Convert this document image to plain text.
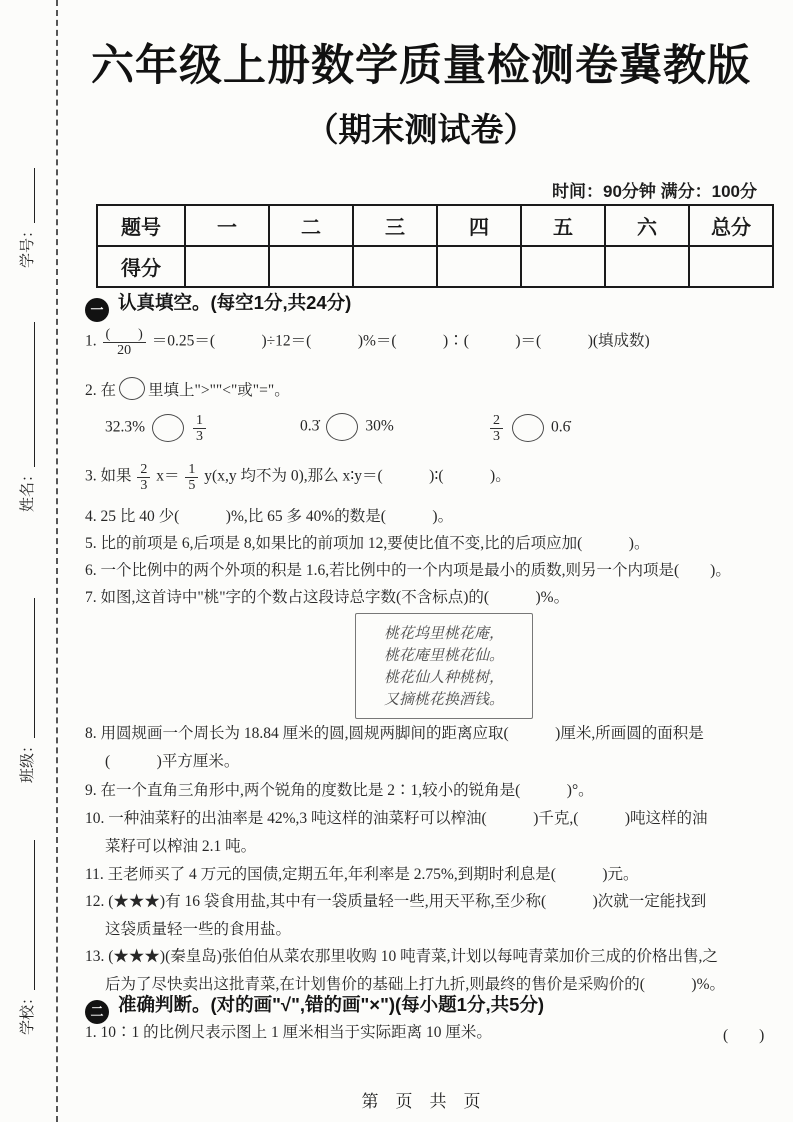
学号：
姓名：
班级：
学校：
六年级上册数学质量检测卷冀教版
（期末测试卷）
时间：90分钟 满分：100分
题号	一	二	三	四	五	六	总分
得分							
一 认真填空。(每空1分,共24分)
1. $\frac{( )}{20} =0.25=$(　　　)÷12＝(　　　)%＝(　　　)∶(　　　)＝(　　　)(填成数)
2. 在 里填上">""<"或"="。
32.3%	$\frac{1}{3}$	0.3̇	30%	$\frac{2}{3}$	0.6̇
3. 如果 $\frac{2}{3} x= \frac{1}{5} y(x,y$ 均不为 0),那么 x∶y＝(　　　)∶(　　　)。
4. 25 比 40 少(　　　)%,比 65 多 40%的数是(　　　)。
5. 比的前项是 6,后项是 8,如果比的前项加 12,要使比值不变,比的后项应加(　　　)。
6. 一个比例中的两个外项的积是 1.6,若比例中的一个内项是最小的质数,则另一个内项是(　　)。
7. 如图,这首诗中"桃"字的个数占这段诗总字数(不含标点)的(　　　)%。
桃花坞里桃花庵，
桃花庵里桃花仙。
桃花仙人种桃树，
又摘桃花换酒钱。
8. 用圆规画一个周长为 18.84 厘米的圆,圆规两脚间的距离应取(　　　)厘米,所画圆的面积是
(　　　)平方厘米。
9. 在一个直角三角形中,两个锐角的度数比是 2∶1,较小的锐角是(　　　)°。
10. 一种油菜籽的出油率是 42%,3 吨这样的油菜籽可以榨油(　　　)千克,(　　　)吨这样的油
菜籽可以榨油 2.1 吨。
11. 王老师买了 4 万元的国债,定期五年,年利率是 2.75%,到期时利息是(　　　)元。
12. (★★★)有 16 袋食用盐,其中有一袋质量轻一些,用天平称,至少称(　　　)次就一定能找到
这袋质量轻一些的食用盐。
13. (★★★)(秦皇岛)张伯伯从菜农那里收购 10 吨青菜,计划以每吨青菜加价三成的价格出售,之
后为了尽快卖出这批青菜,在计划售价的基础上打九折,则最终的售价是采购价的(　　　)%。
二 准确判断。(对的画"√",错的画"×")(每小题1分,共5分)
1. 10∶1 的比例尺表示图上 1 厘米相当于实际距离 10 厘米。	(　　)
第　页　共　页
